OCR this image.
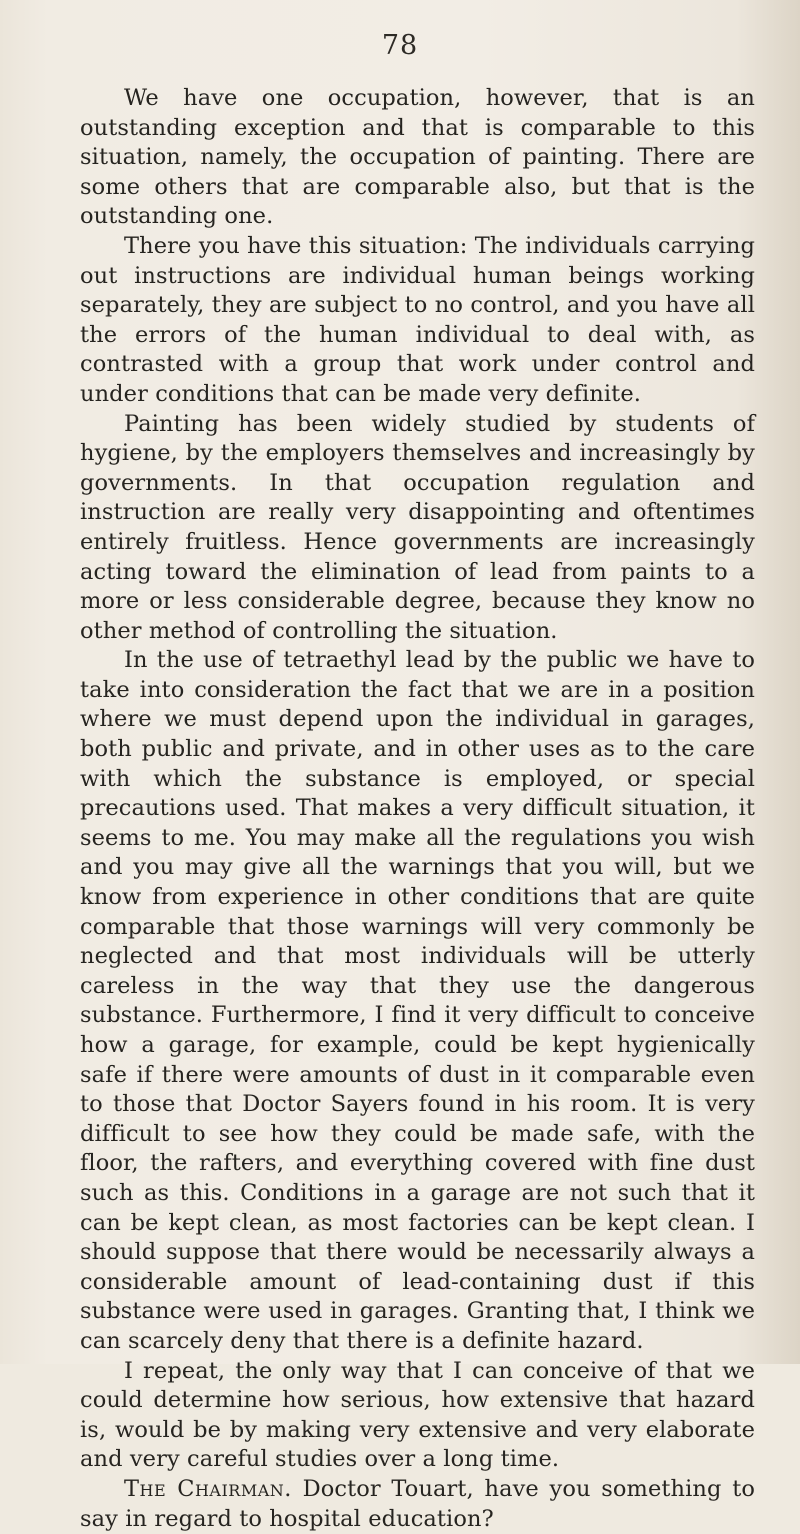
78

We have one occupation, however, that is an outstanding exception and that is comparable to this situation, namely, the occupation of painting. There are some others that are comparable also, but that is the outstanding one.

There you have this situation: The individuals carrying out instructions are individual human beings working separately, they are subject to no control, and you have all the errors of the human individual to deal with, as contrasted with a group that work under control and under conditions that can be made very definite.

Painting has been widely studied by students of hygiene, by the employers themselves and increasingly by governments. In that occupation regulation and instruction are really very disappointing and oftentimes entirely fruitless. Hence governments are increasingly acting toward the elimination of lead from paints to a more or less considerable degree, because they know no other method of controlling the situation.

In the use of tetraethyl lead by the public we have to take into consideration the fact that we are in a position where we must depend upon the individual in garages, both public and private, and in other uses as to the care with which the substance is employed, or special precautions used. That makes a very difficult situation, it seems to me. You may make all the regulations you wish and you may give all the warnings that you will, but we know from experience in other conditions that are quite comparable that those warnings will very commonly be neglected and that most individuals will be utterly careless in the way that they use the dangerous substance. Furthermore, I find it very difficult to conceive how a garage, for example, could be kept hygienically safe if there were amounts of dust in it comparable even to those that Doctor Sayers found in his room. It is very difficult to see how they could be made safe, with the floor, the rafters, and everything covered with fine dust such as this. Conditions in a garage are not such that it can be kept clean, as most factories can be kept clean. I should suppose that there would be necessarily always a considerable amount of lead-containing dust if this substance were used in garages. Granting that, I think we can scarcely deny that there is a definite hazard.

I repeat, the only way that I can conceive of that we could determine how serious, how extensive that hazard is, would be by making very extensive and very elaborate and very careful studies over a long time.

The Chairman. Doctor Touart, have you something to say in regard to hospital education?
